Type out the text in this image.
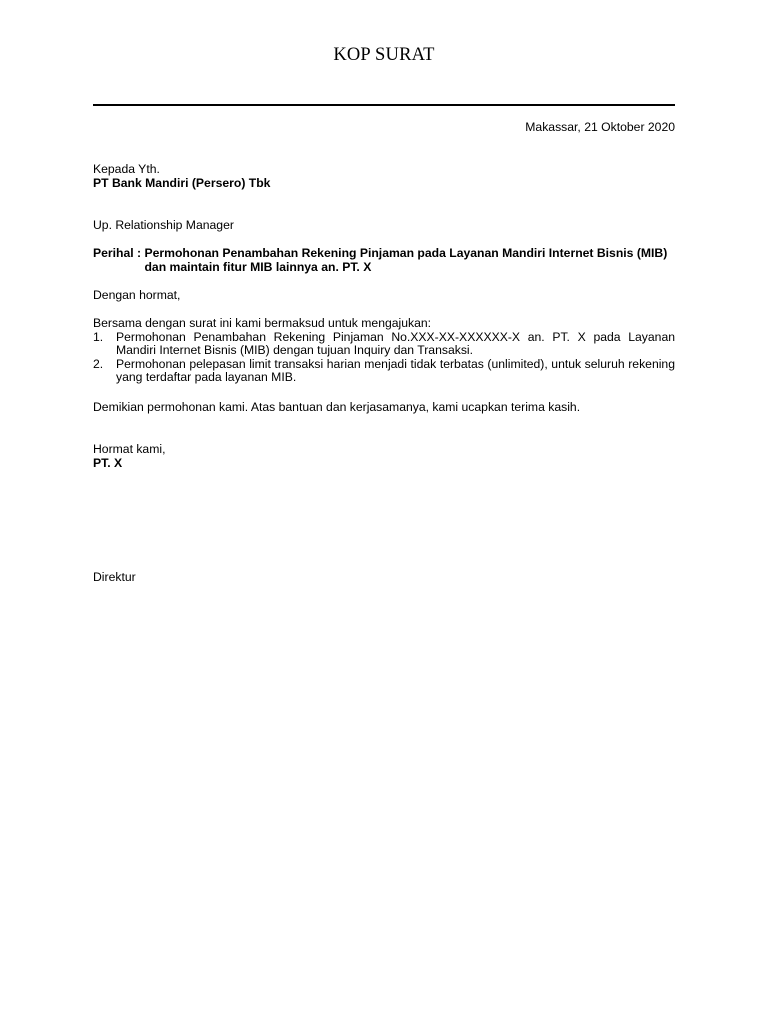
KOP SURAT
Makassar, 21 Oktober 2020
Kepada Yth.
PT Bank Mandiri (Persero) Tbk
Up. Relationship Manager
Perihal : Permohonan Penambahan Rekening Pinjaman pada Layanan Mandiri Internet Bisnis (MIB) dan maintain fitur MIB lainnya an. PT. X
Dengan hormat,
Bersama dengan surat ini kami bermaksud untuk mengajukan:
1.	Permohonan Penambahan Rekening Pinjaman No.XXX-XX-XXXXXX-X an. PT. X pada Layanan Mandiri Internet Bisnis (MIB) dengan tujuan Inquiry dan Transaksi.
2.	Permohonan pelepasan limit transaksi harian menjadi tidak terbatas (unlimited), untuk seluruh rekening yang terdaftar pada layanan MIB.
Demikian permohonan kami. Atas bantuan dan kerjasamanya, kami ucapkan terima kasih.
Hormat kami,
PT. X
Direktur
